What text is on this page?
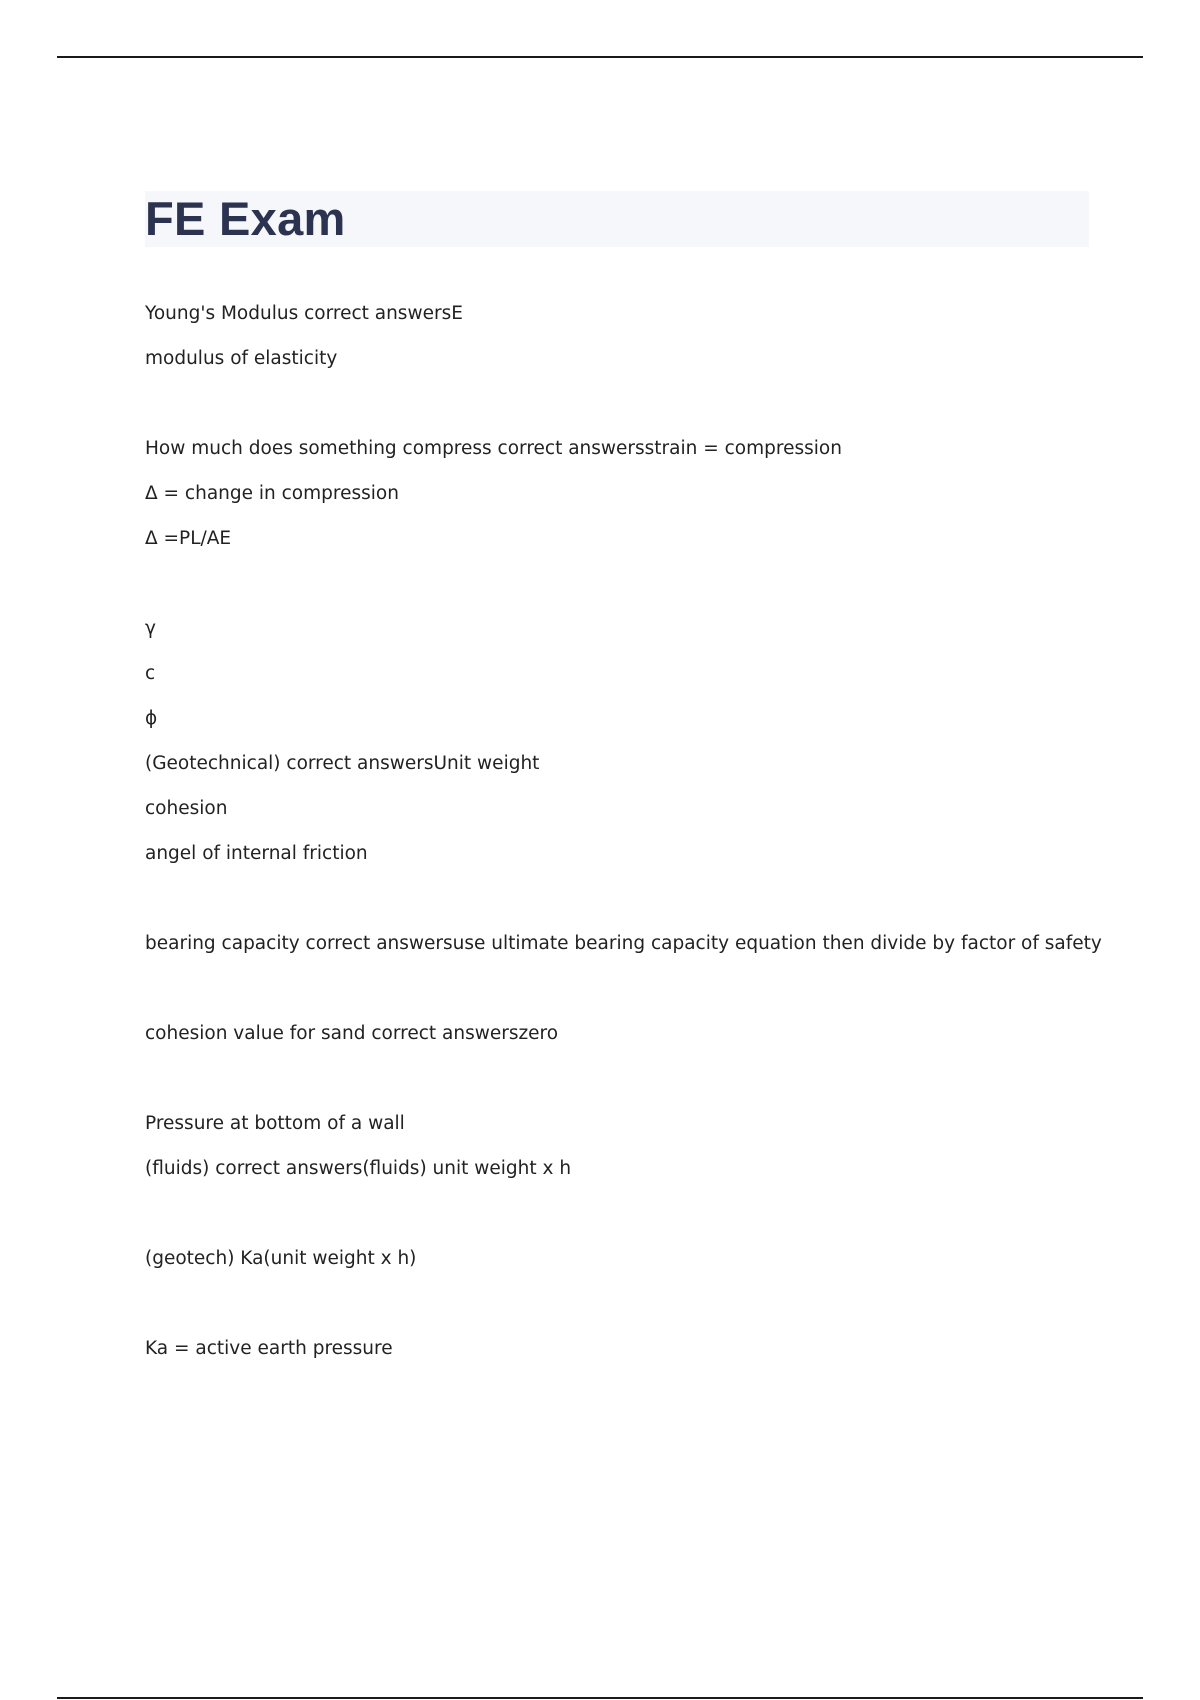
FE Exam
Young's Modulus correct answersE
modulus of elasticity
How much does something compress correct answersstrain = compression
Δ = change in compression
Δ =PL/AE
γ
c
ϕ
(Geotechnical) correct answersUnit weight
cohesion
angel of internal friction
bearing capacity correct answersuse ultimate bearing capacity equation then divide by factor of safety
cohesion value for sand correct answerszero
Pressure at bottom of a wall
(fluids) correct answers(fluids) unit weight x h
(geotech) Ka(unit weight x h)
Ka = active earth pressure
